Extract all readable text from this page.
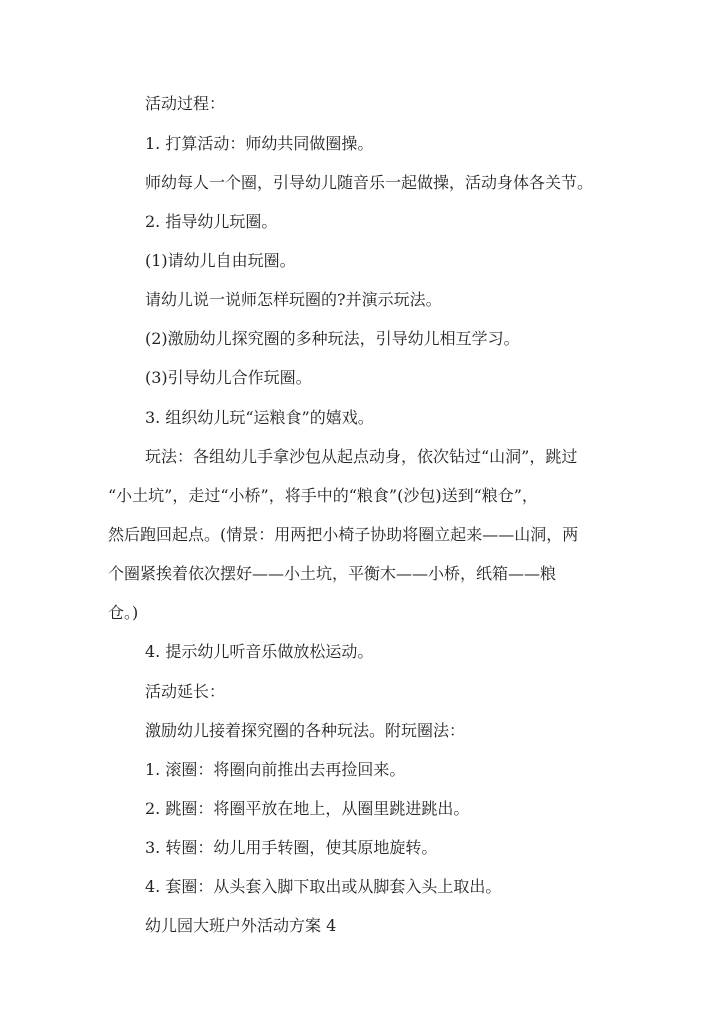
活动过程：
1. 打算活动：师幼共同做圈操。
师幼每人一个圈，引导幼儿随音乐一起做操，活动身体各关节。
2. 指导幼儿玩圈。
(1)请幼儿自由玩圈。
请幼儿说一说师怎样玩圈的?并演示玩法。
(2)激励幼儿探究圈的多种玩法，引导幼儿相互学习。
(3)引导幼儿合作玩圈。
3. 组织幼儿玩“运粮食”的嬉戏。
玩法：各组幼儿手拿沙包从起点动身，依次钻过“山洞”，跳过
“小土坑”，走过“小桥”，将手中的“粮食”(沙包)送到“粮仓”，
然后跑回起点。(情景：用两把小椅子协助将圈立起来——山洞，两
个圈紧挨着依次摆好——小土坑，平衡木——小桥，纸箱——粮
仓。)
4. 提示幼儿听音乐做放松运动。
活动延长：
激励幼儿接着探究圈的各种玩法。附玩圈法：
1. 滚圈：将圈向前推出去再捡回来。
2. 跳圈：将圈平放在地上，从圈里跳进跳出。
3. 转圈：幼儿用手转圈，使其原地旋转。
4. 套圈：从头套入脚下取出或从脚套入头上取出。
幼儿园大班户外活动方案 4
